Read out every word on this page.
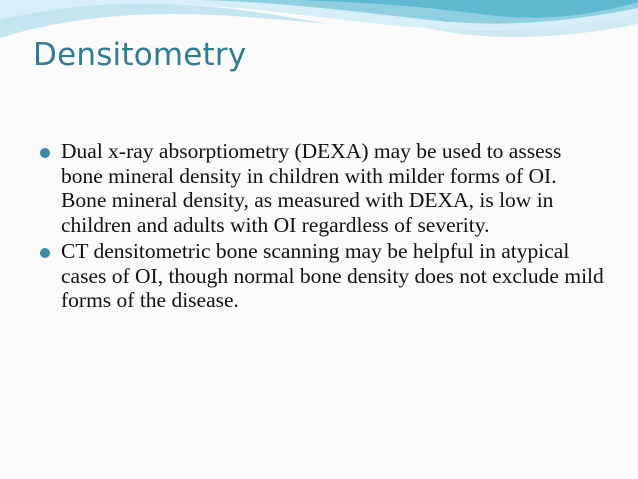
Densitometry
Dual x-ray absorptiometry (DEXA) may be used to assess bone mineral density in children with milder forms of OI. Bone mineral density, as measured with DEXA, is low in children and adults with OI regardless of severity.
CT densitometric bone scanning may be helpful in atypical cases of OI, though normal bone density does not exclude mild forms of the disease.
